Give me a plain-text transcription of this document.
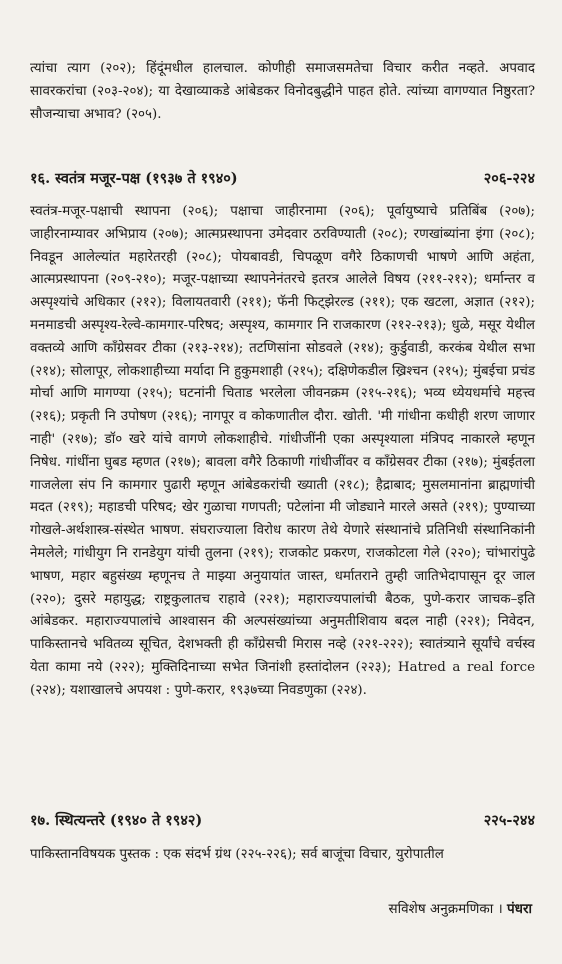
त्यांचा त्याग (२०२); हिंदूंमधील हालचाल. कोणीही समाजसमतेचा विचार करीत नव्हते. अपवाद सावरकरांचा (२०३-२०४); या देखाव्याकडे आंबेडकर विनोदबुद्धीने पाहत होते. त्यांच्या वागण्यात निष्ठुरता? सौजन्याचा अभाव? (२०५).

१६. स्वतंत्र मजूर-पक्ष (१९३७ ते १९४०)	२०६-२२४

स्वतंत्र-मजूर-पक्षाची स्थापना (२०६); पक्षाचा जाहीरनामा (२०६); पूर्वायुष्याचे प्रतिबिंब (२०७); जाहीरनाम्यावर अभिप्राय (२०७); आत्मप्रस्थापना उमेदवार ठरविण्याती (२०८); रणखांब्यांना इंगा (२०८); निवडून आलेल्यांत महारेतरही (२०८); पोयबावडी, चिपळूण वगैरे ठिकाणची भाषणे आणि अहंता, आत्मप्रस्थापना (२०९-२१०); मजूर-पक्षाच्या स्थापनेनंतरचे इतरत्र आलेले विषय (२११-२१२); धर्मान्तर व अस्पृश्यांचे अधिकार (२१२); विलायतवारी (२११); फॅनी फिट्झेरल्ड (२११); एक खटला, अज्ञात (२१२); मनमाडची अस्पृश्य-रेल्वे-कामगार-परिषद; अस्पृश्य, कामगार नि राजकारण (२१२-२१३); धुळे, मसूर येथील वक्तव्ये आणि कॉंग्रेसवर टीका (२१३-२१४); तटणिसांना सोडवले (२१४); कुर्डुवाडी, करकंब येथील सभा (२१४); सोलापूर, लोकशाहीच्या मर्यादा नि हुकुमशाही (२१५); दक्षिणेकडील ख्रिश्चन (२१५); मुंबईचा प्रचंड मोर्चा आणि मागण्या (२१५); घटनांनी चिताड भरलेला जीवनक्रम (२१५-२१६); भव्य ध्येयधर्माचे महत्त्व (२१६); प्रकृती नि उपोषण (२१६); नागपूर व कोकणातील दौरा. खोती. 'मी गांधीना कधीही शरण जाणार नाही' (२१७); डॉ० खरे यांचे वागणे लोकशाहीचे. गांधीजींनी एका अस्पृश्याला मंत्रिपद नाकारले म्हणून निषेध. गांधींना घुबड म्हणत (२१७); बावला वगैरे ठिकाणी गांधीजींवर व कॉंग्रेसवर टीका (२१७); मुंबईतला गाजलेला संप नि कामगार पुढारी म्हणून आंबेडकरांची ख्याती (२१८); हैद्राबाद; मुसलमानांना ब्राह्मणांची मदत (२१९); महाडची परिषद; खेर गुळाचा गणपती; पटेलांना मी जोड्याने मारले असते (२१९); पुण्याच्या गोखले-अर्थशास्त्र-संस्थेत भाषण. संघराज्याला विरोध कारण तेथे येणारे संस्थानांचे प्रतिनिधी संस्थानिकांनी नेमलेले; गांधीयुग नि रानडेयुग यांची तुलना (२१९); राजकोट प्रकरण, राजकोटला गेले (२२०); चांभारांपुढे भाषण, महार बहुसंख्य म्हणूनच ते माझ्या अनुयायांत जास्त, धर्मातराने तुम्ही जातिभेदापासून दूर जाल (२२०); दुसरे महायुद्ध; राष्ट्रकुलातच राहावे (२२१); महाराज्यपालांची बैठक, पुणे-करार जाचक–इति आंबेडकर. महाराज्यपालांचे आश्वासन की अल्पसंख्यांच्या अनुमतीशिवाय बदल नाही (२२१); निवेदन, पाकिस्तानचे भवितव्य सूचित, देशभक्ती ही कॉंग्रेसची मिरास नव्हे (२२१-२२२); स्वातंत्र्याने सूर्यांचे वर्चस्व येता कामा नये (२२२); मुक्तिदिनाच्या सभेत जिनांशी हस्तांदोलन (२२३); Hatred a real force (२२४); यशाखालचे अपयश : पुणे-करार, १९३७च्या निवडणुका (२२४).

१७. स्थित्यन्तरे (१९४० ते १९४२)	२२५-२४४

पाकिस्तानविषयक पुस्तक : एक संदर्भ ग्रंथ (२२५-२२६); सर्व बाजूंचा विचार, युरोपातील

सविशेष अनुक्रमणिका । पंधरा
